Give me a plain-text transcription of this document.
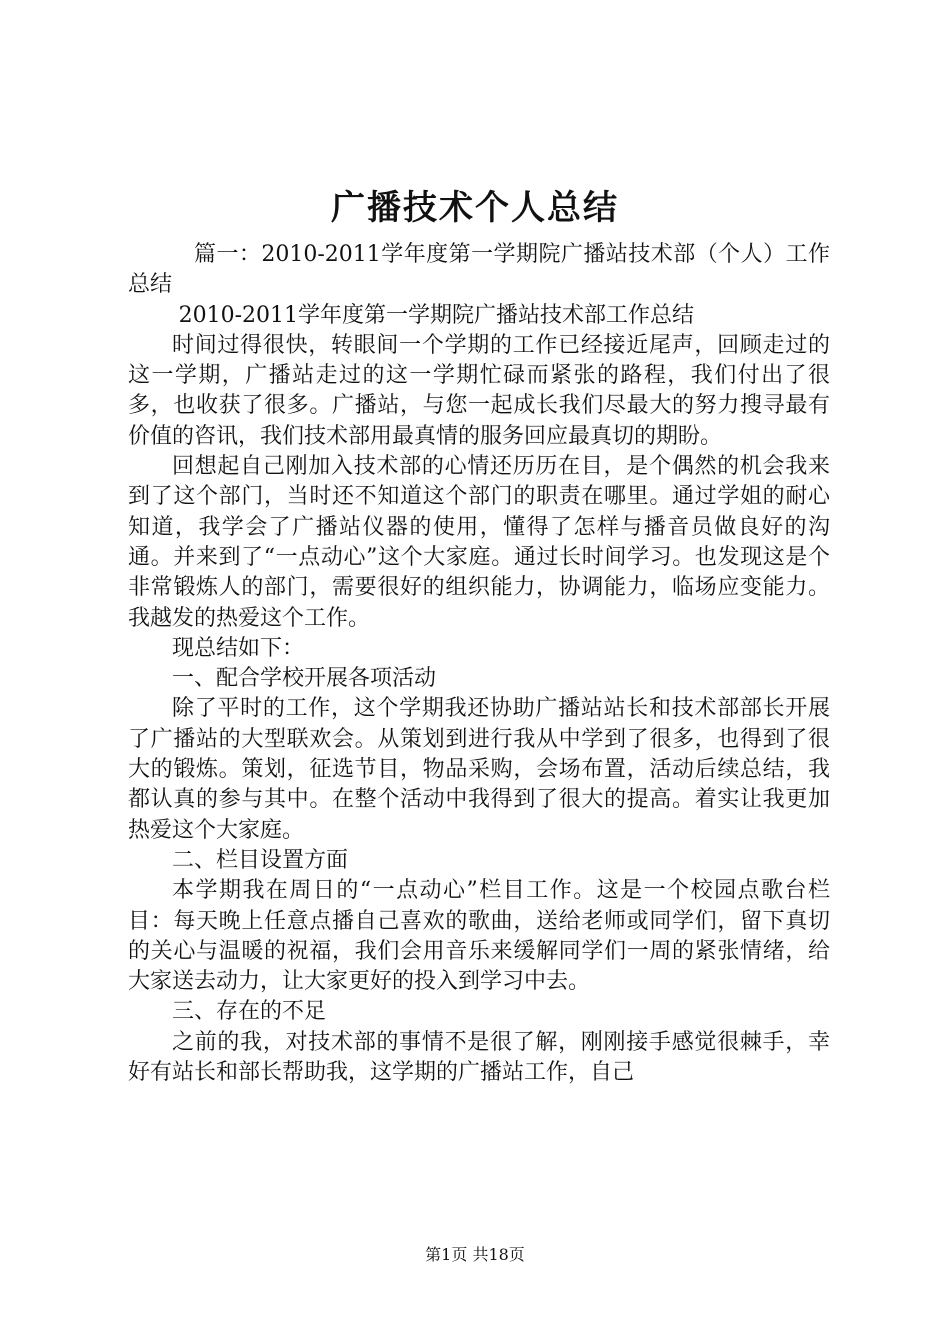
广播技术个人总结

篇一：2010-2011学年度第一学期院广播站技术部（个人）工作总结

2010-2011学年度第一学期院广播站技术部工作总结

时间过得很快，转眼间一个学期的工作已经接近尾声，回顾走过的这一学期，广播站走过的这一学期忙碌而紧张的路程，我们付出了很多，也收获了很多。广播站，与您一起成长我们尽最大的努力搜寻最有价值的咨讯，我们技术部用最真情的服务回应最真切的期盼。

回想起自己刚加入技术部的心情还历历在目，是个偶然的机会我来到了这个部门，当时还不知道这个部门的职责在哪里。通过学姐的耐心知道，我学会了广播站仪器的使用，懂得了怎样与播音员做良好的沟通。并来到了“一点动心”这个大家庭。通过长时间学习。也发现这是个非常锻炼人的部门，需要很好的组织能力，协调能力，临场应变能力。我越发的热爱这个工作。

现总结如下：

一、配合学校开展各项活动

除了平时的工作，这个学期我还协助广播站站长和技术部部长开展了广播站的大型联欢会。从策划到进行我从中学到了很多，也得到了很大的锻炼。策划，征选节目，物品采购，会场布置，活动后续总结，我都认真的参与其中。在整个活动中我得到了很大的提高。着实让我更加热爱这个大家庭。

二、栏目设置方面

本学期我在周日的“一点动心”栏目工作。这是一个校园点歌台栏目：每天晚上任意点播自己喜欢的歌曲，送给老师或同学们，留下真切的关心与温暖的祝福，我们会用音乐来缓解同学们一周的紧张情绪，给大家送去动力，让大家更好的投入到学习中去。

三、存在的不足

之前的我，对技术部的事情不是很了解，刚刚接手感觉很棘手，幸好有站长和部长帮助我，这学期的广播站工作，自己

第1页 共18页
